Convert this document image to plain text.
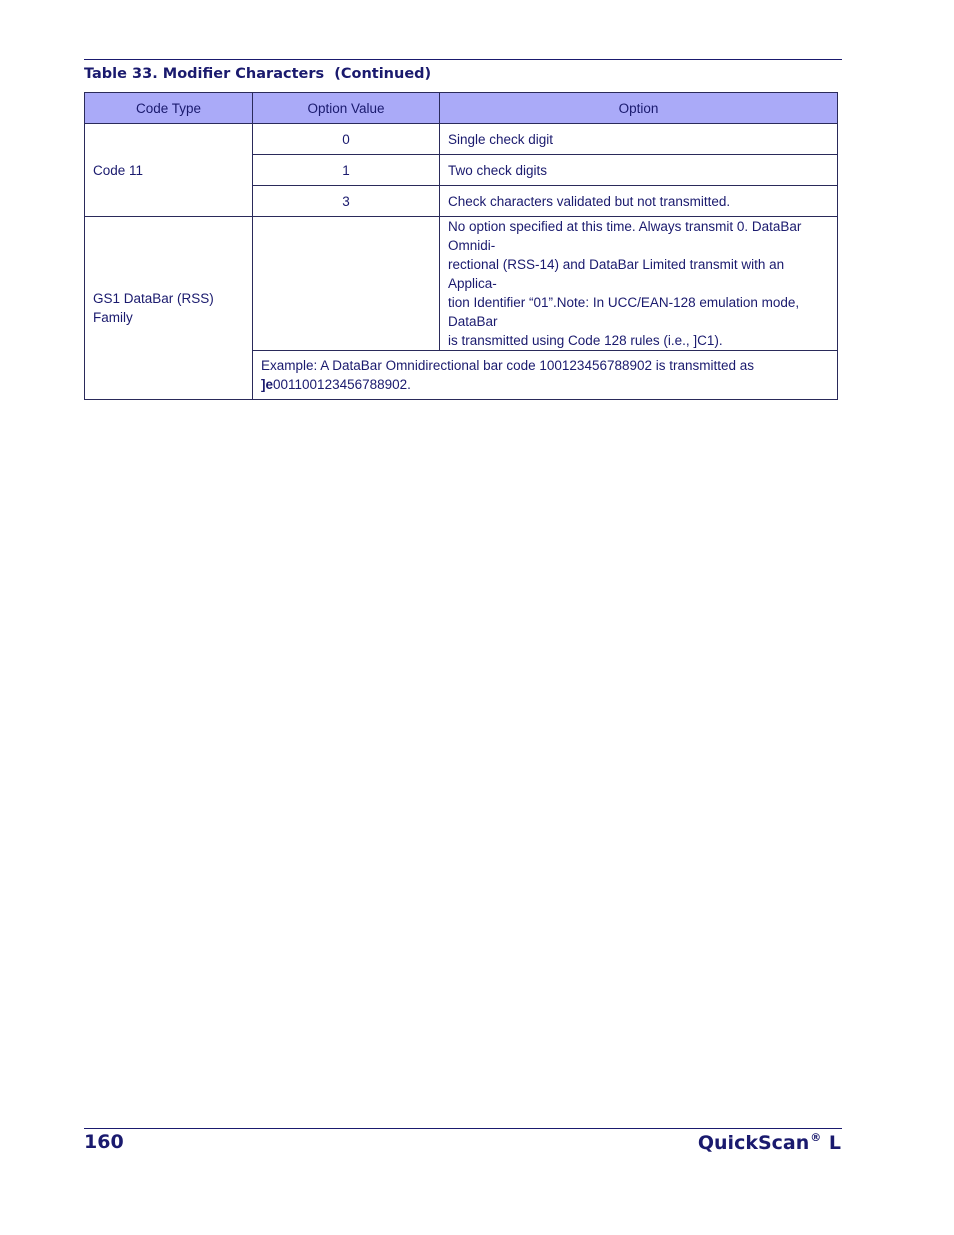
Table 33. Modifier Characters  (Continued)
Code Type	Option Value	Option
Code 11	0	Single check digit
	1	Two check digits
	3	Check characters validated but not transmitted.
GS1 DataBar (RSS)
Family		No option specified at this time. Always transmit 0. DataBar Omnidi-
rectional (RSS-14) and DataBar Limited transmit with an Applica-
tion Identifier “01”.Note: In UCC/EAN-128 emulation mode, DataBar
is transmitted using Code 128 rules (i.e., ]C1).
	Example: A DataBar Omnidirectional bar code 100123456788902 is transmitted as
]e001100123456788902.	
160	QuickScan® L
